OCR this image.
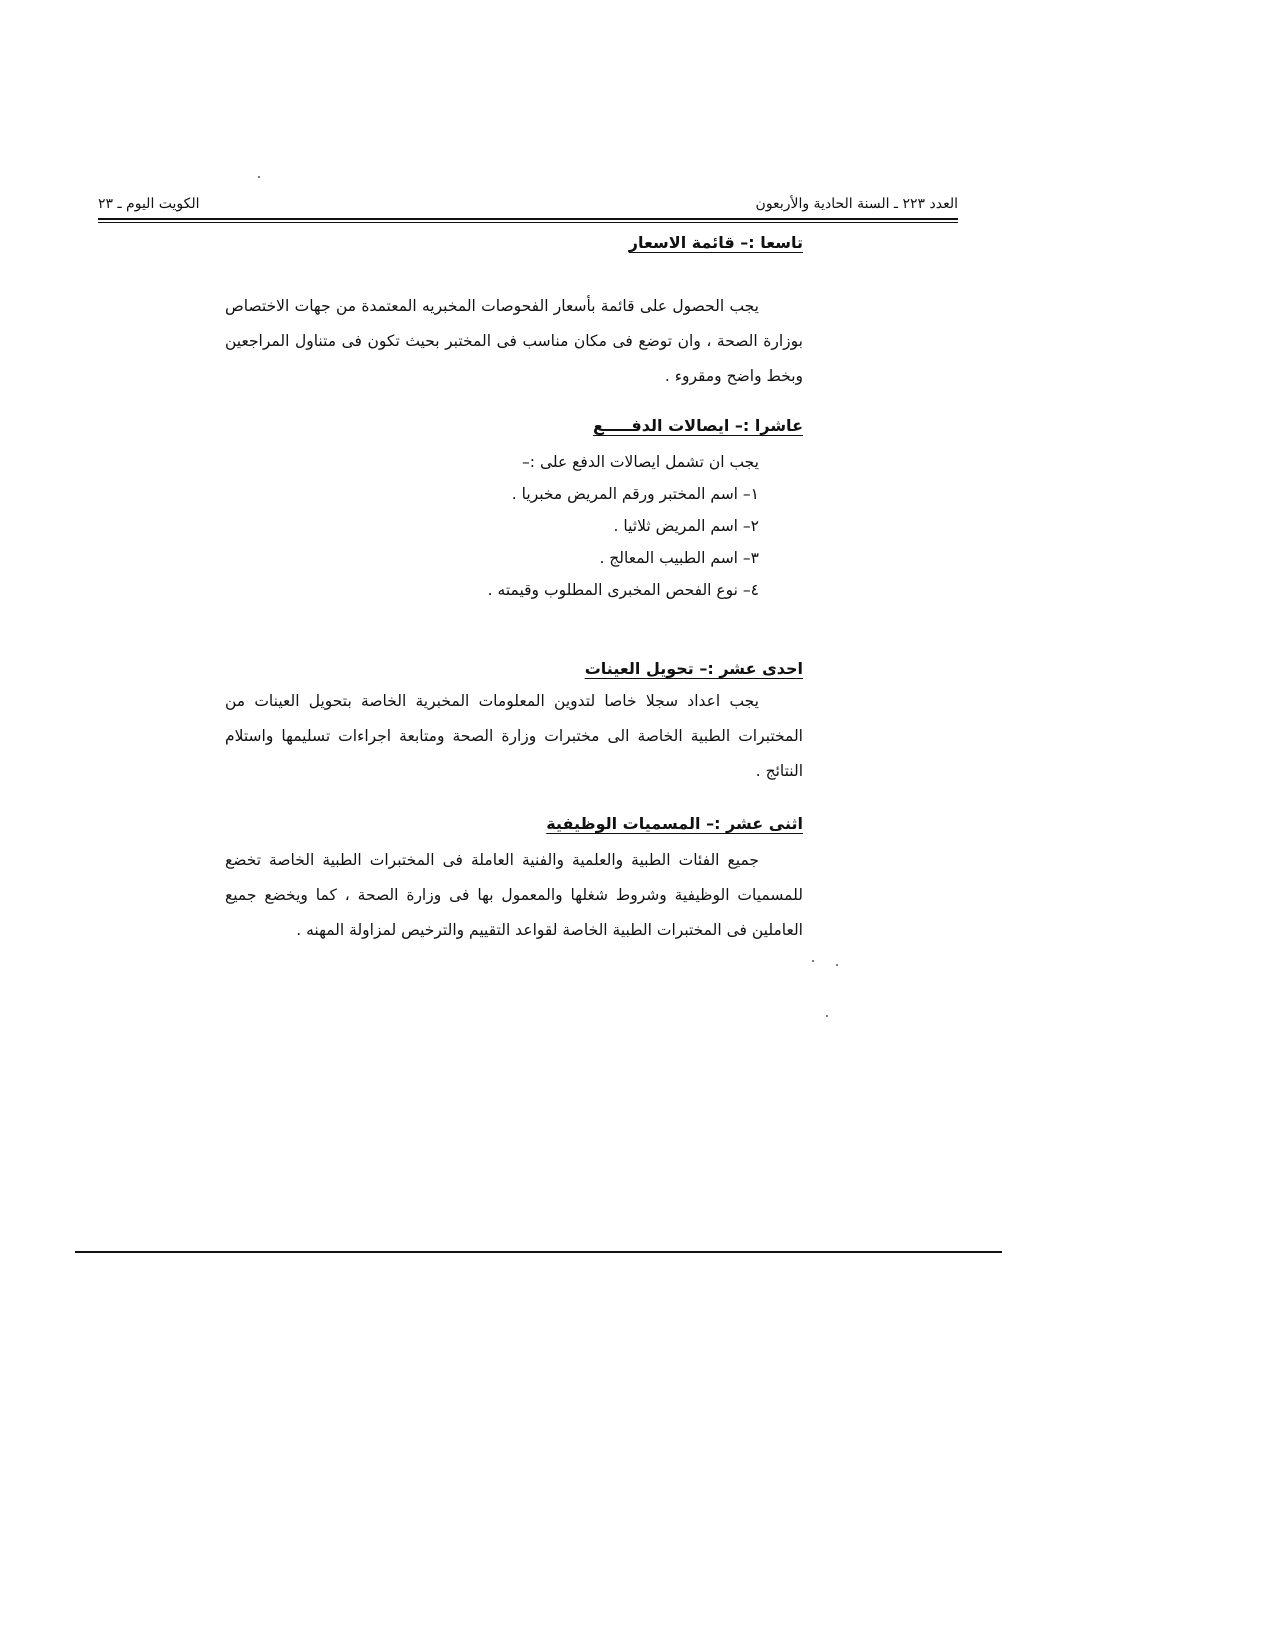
العدد ٢٢٣ ـ السنة الحادية والأربعون
الكويت اليوم ـ ٢٣
تاسعا :– قائمة الاسعار

يجب الحصول على قائمة بأسعار الفحوصات المخبريه المعتمدة من جهات الاختصاص بوزارة الصحة ، وان توضع فى مكان مناسب فى المختبر بحيث تكون فى متناول المراجعين وبخط واضح ومقروء .

عاشرا :– ايصالات الدفـــــع

يجب ان تشمل ايصالات الدفع على :–

١– اسم المختبر ورقم المريض مخبريا .
٢– اسم المريض ثلاثيا .
٣– اسم الطبيب المعالج .
٤– نوع الفحص المخبرى المطلوب وقيمته .
احدى عشر :– تحويل العينات

يجب اعداد سجلا خاصا لتدوين المعلومات المخبرية الخاصة بتحويل العينات من المختبرات الطبية الخاصة الى مختبرات وزارة الصحة ومتابعة اجراءات تسليمها واستلام النتائج .

اثنى عشر :– المسميات الوظيفية

جميع الفئات الطبية والعلمية والفنية العاملة فى المختبرات الطبية الخاصة تخضع للمسميات الوظيفية وشروط شغلها والمعمول بها فى وزارة الصحة ، كما ويخضع جميع العاملين فى المختبرات الطبية الخاصة لقواعد التقييم والترخيص لمزاولة المهنه .
